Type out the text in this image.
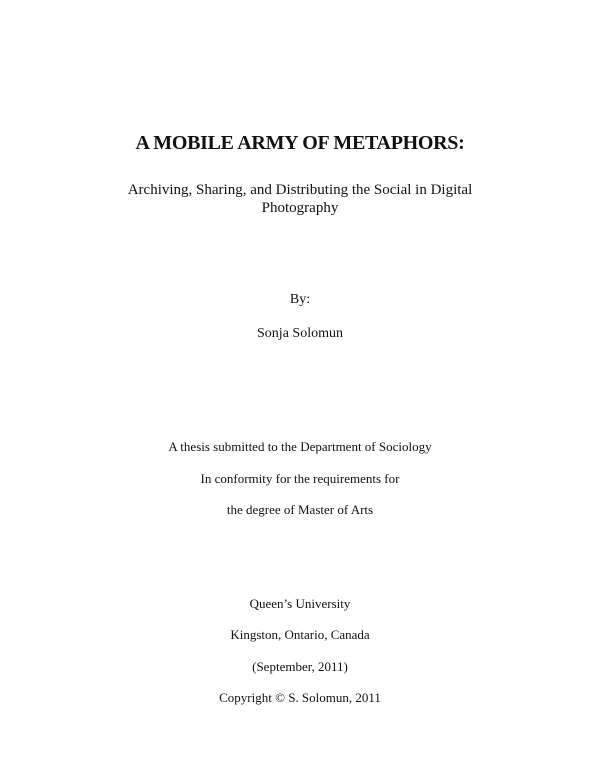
A MOBILE ARMY OF METAPHORS:
Archiving, Sharing, and Distributing the Social in Digital
Photography
By:
Sonja Solomun
A thesis submitted to the Department of Sociology
In conformity for the requirements for
the degree of Master of Arts
Queen’s University
Kingston, Ontario, Canada
(September, 2011)
Copyright © S. Solomun, 2011
